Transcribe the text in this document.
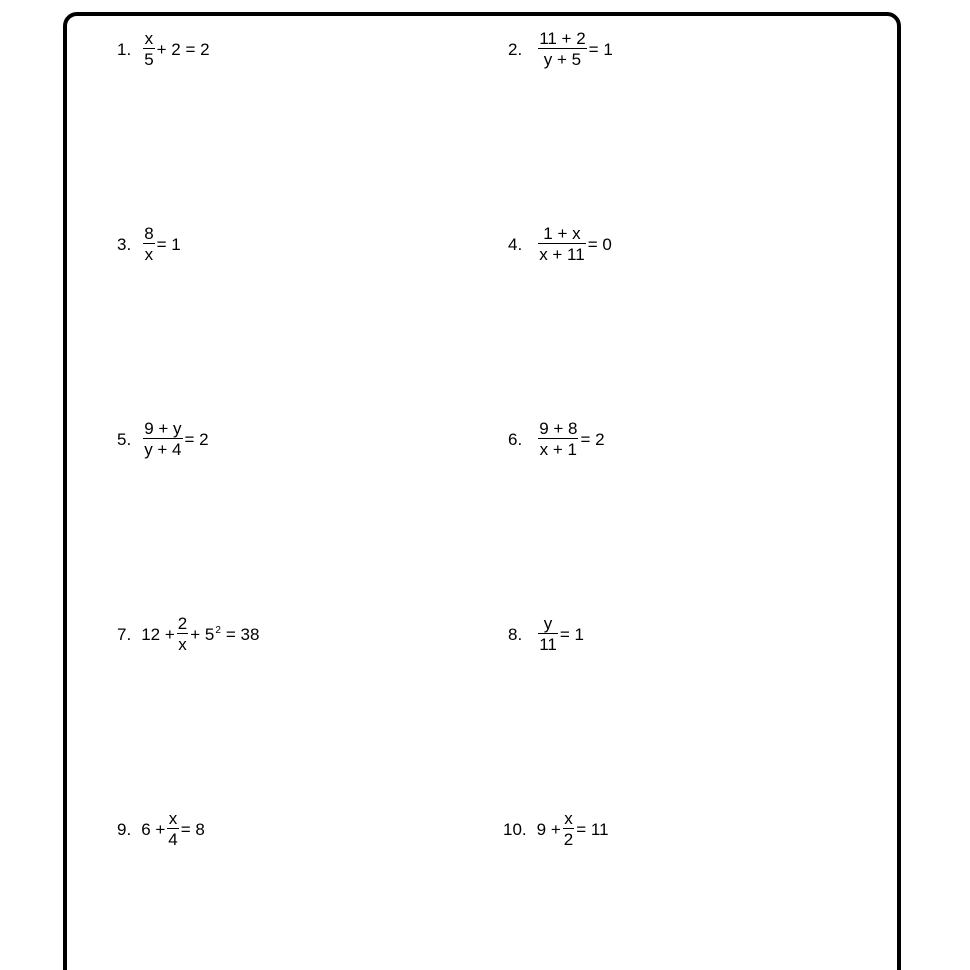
1. $\frac{x}{5} + 2 = 2$	2. $\frac{11 + 2}{y + 5} = 1$
3. $\frac{8}{x} = 1$	4. $\frac{1 + x}{x + 11} = 0$
5. $\frac{9 + y}{y + 4} = 2$	6. $\frac{9 + 8}{x + 1} = 2$
7. $12 + \frac{2}{x} + 5^2 = 38$	8. $\frac{y}{11} = 1$
9. $6 + \frac{x}{4} = 8$	10. $9 + \frac{x}{2} = 11$
